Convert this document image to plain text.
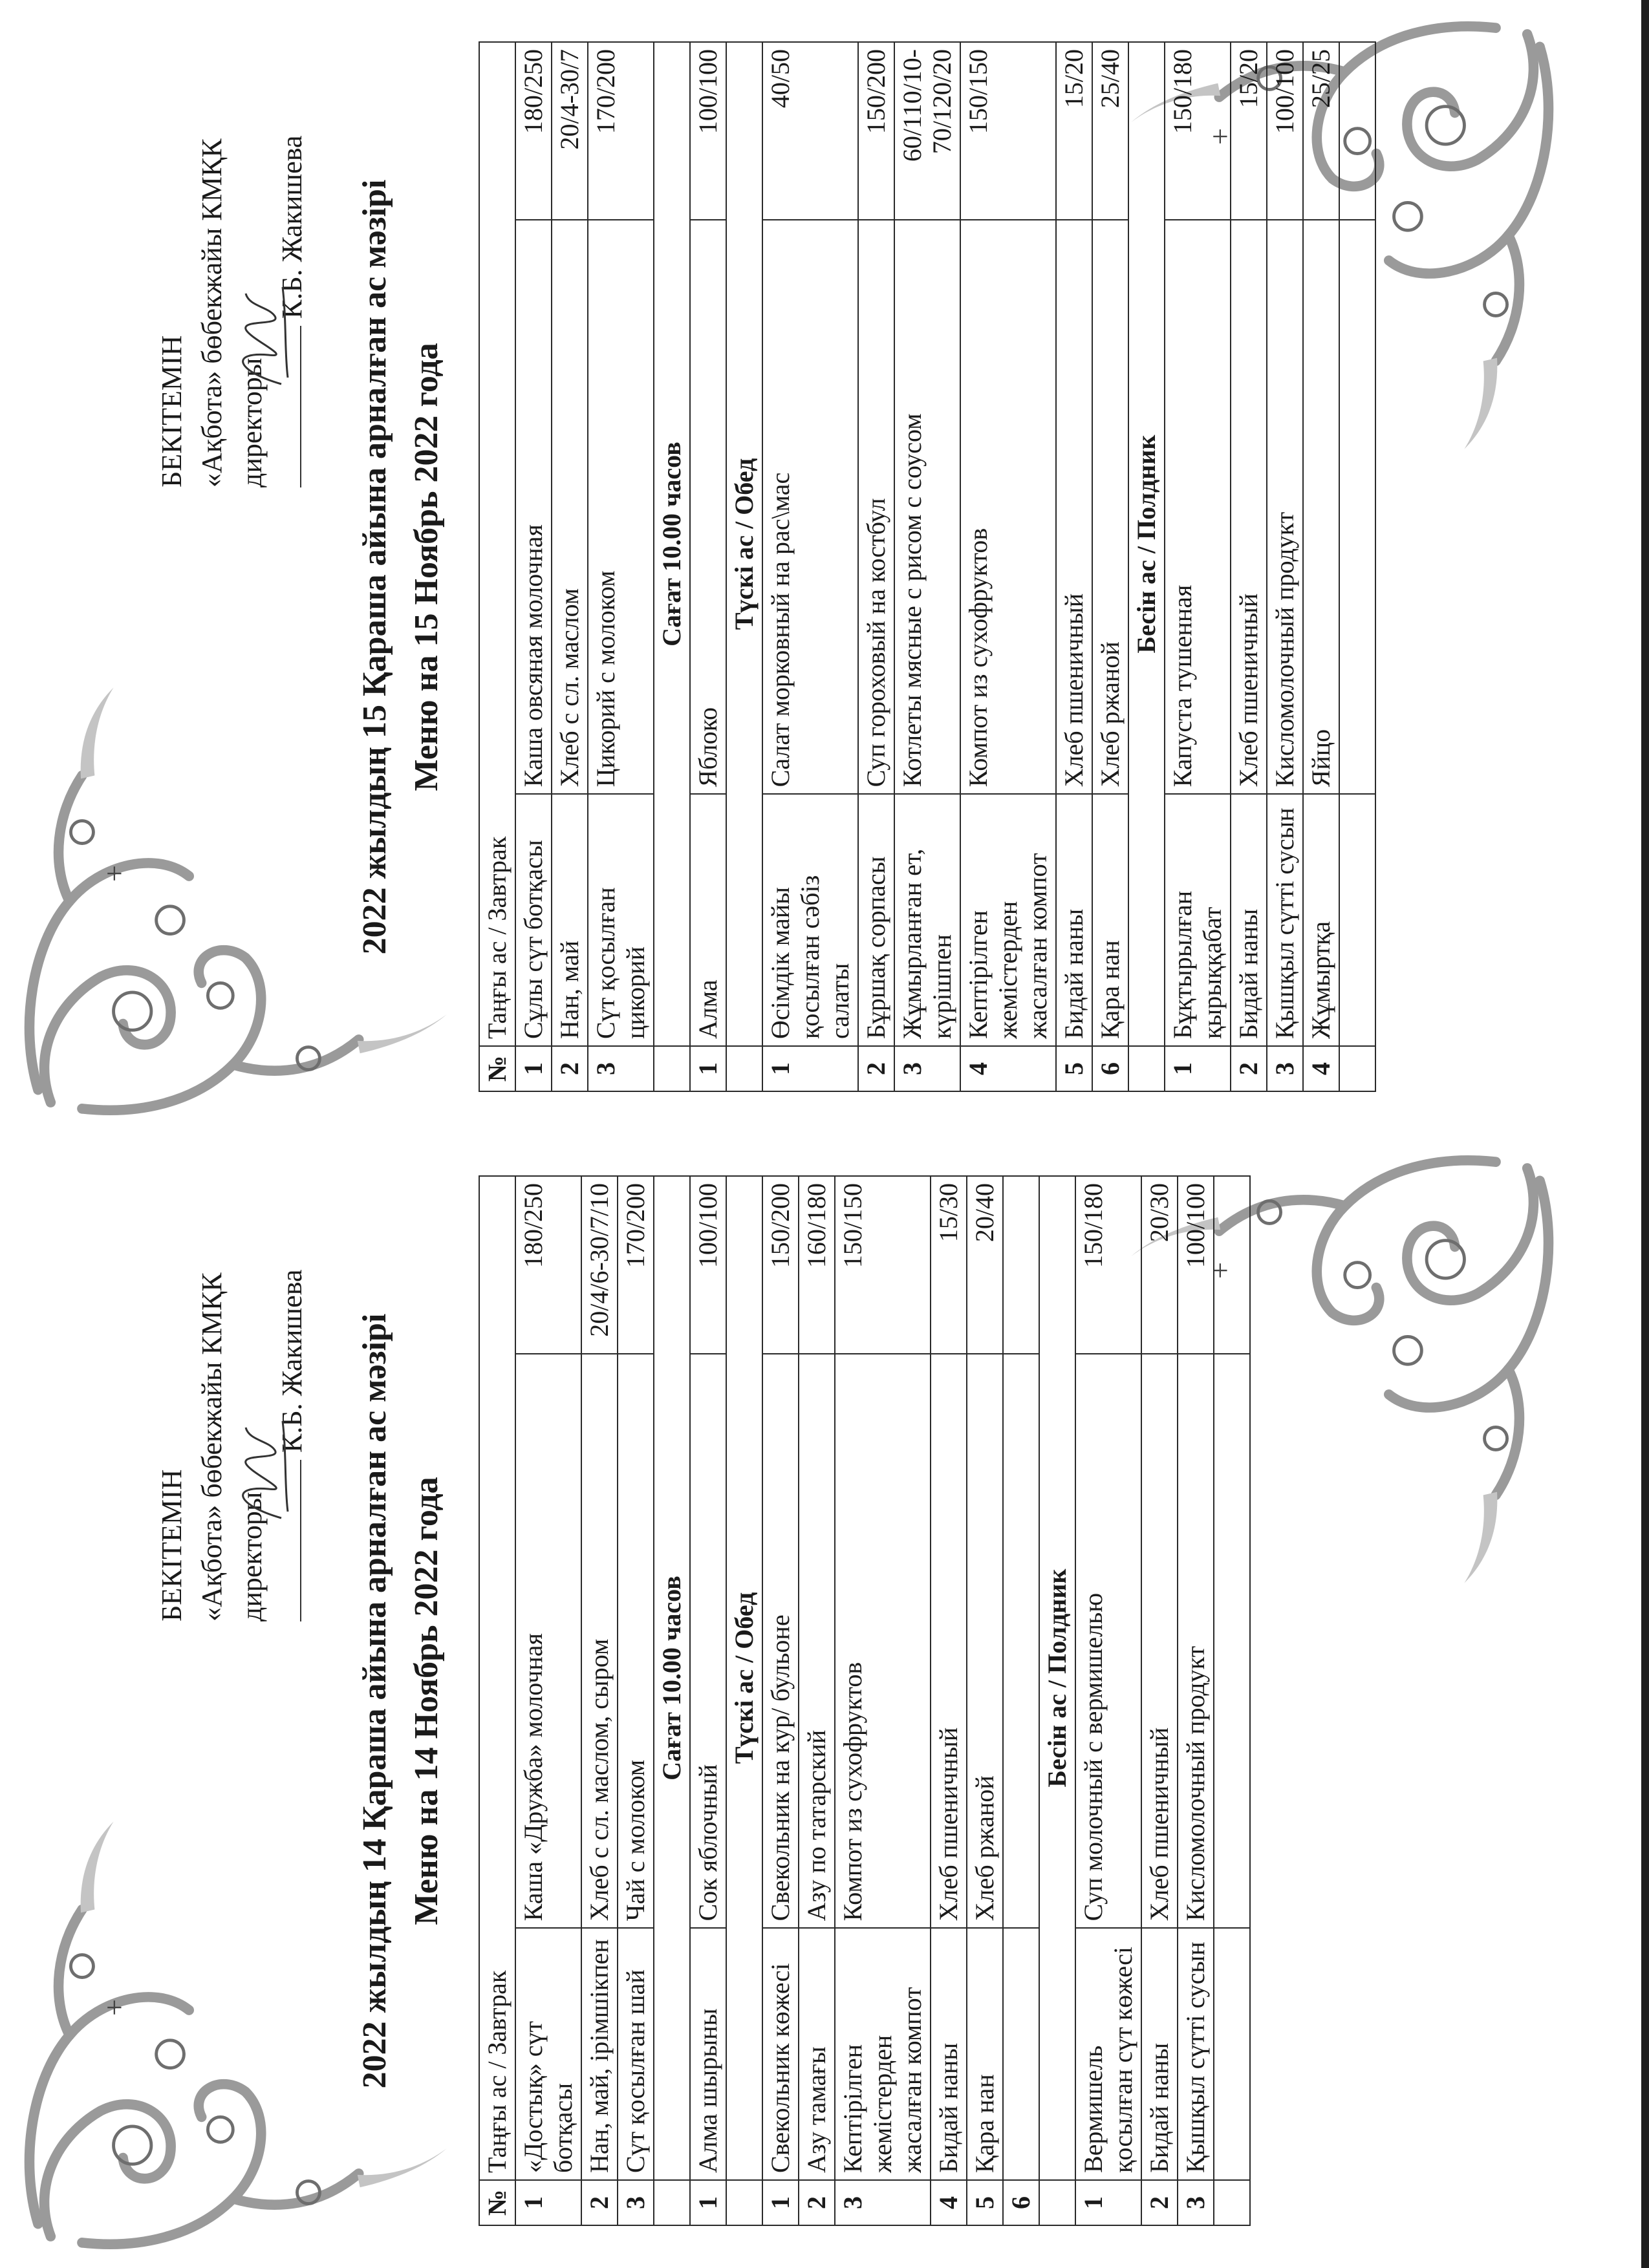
+
+
БЕКІТЕМІН «Ақбота» бөбекжайы КМҚК директоры

К.Б. Жакишева 2022 жылдың 15 Қараша айына арналған ас мәзірі Меню на 15 Ноябрь 2022 года
№	Таңғы ас / Завтрак		
1	Сұлы сүт ботқасы	Каша овсяная молочная	180/250
2	Нан, май	Хлеб с сл. маслом	20/4-30/7
3	Сүт қосылған цикорий	Цикорий с молоком	170/200
	Сағат 10.00 часов		
1	Алма	Яблоко	100/100
	Түскі ас / Обед		
1	Өсімдік майы қосылған сәбіз салаты	Салат морковный на рас\мас	40/50
2	Бұршақ сорпасы	Суп гороховый на костбул	150/200
3	Жұмырланған ет, күрішпен	Котлеты мясные с рисом с соусом	60/110/10-70/120/20
4	Кептірілген жемістерден жасалған компот	Компот из сухофруктов	150/150
5	Бидай наны	Хлеб пшеничный	15/20
6	Қара нан	Хлеб ржаной	25/40
	Бесін ас / Полдник		
1	Бұқтырылған қырыққабат	Капуста тушенная	150/180
2	Бидай наны	Хлеб пшеничный	15/20
3	Қышқыл сүтті сусын	Кисломолочный продукт	100/100
4	Жұмыртқа	Яйцо	25/25

+
+
БЕКІТЕМІН «Ақбота» бөбекжайы КМҚК директоры

К.Б. Жакишева 2022 жылдың 14 Қараша айына арналған ас мәзірі Меню на 14 Ноябрь 2022 года
№	Таңғы ас / Завтрак		
1	«Достық» сүт ботқасы	Каша «Дружба» молочная	180/250
2	Нан, май, ірімшікпен	Хлеб с сл. маслом, сыром	20/4/6-30/7/10
3	Сүт қосылған шай	Чай с молоком	170/200
	Сағат 10.00 часов		
1	Алма шырыны	Сок яблочный	100/100
	Түскі ас / Обед		
1	Свекольник көжесі	Свекольник на кур/ бульоне	150/200
2	Азу тамағы	Азу по татарский	160/180
3	Кептірілген жемістерден жасалған компот	Компот из сухофруктов	150/150
4	Бидай наны	Хлеб пшеничный	15/30
5	Қара нан	Хлеб ржаной	20/40
6			
	Бесін ас / Полдник		
1	Вермишель қосылған сүт көжесі	Суп молочный с вермишелью	150/180
2	Бидай наны	Хлеб пшеничный	20/30
3	Қышқыл сүтті сусын	Кисломолочный продукт	100/100
